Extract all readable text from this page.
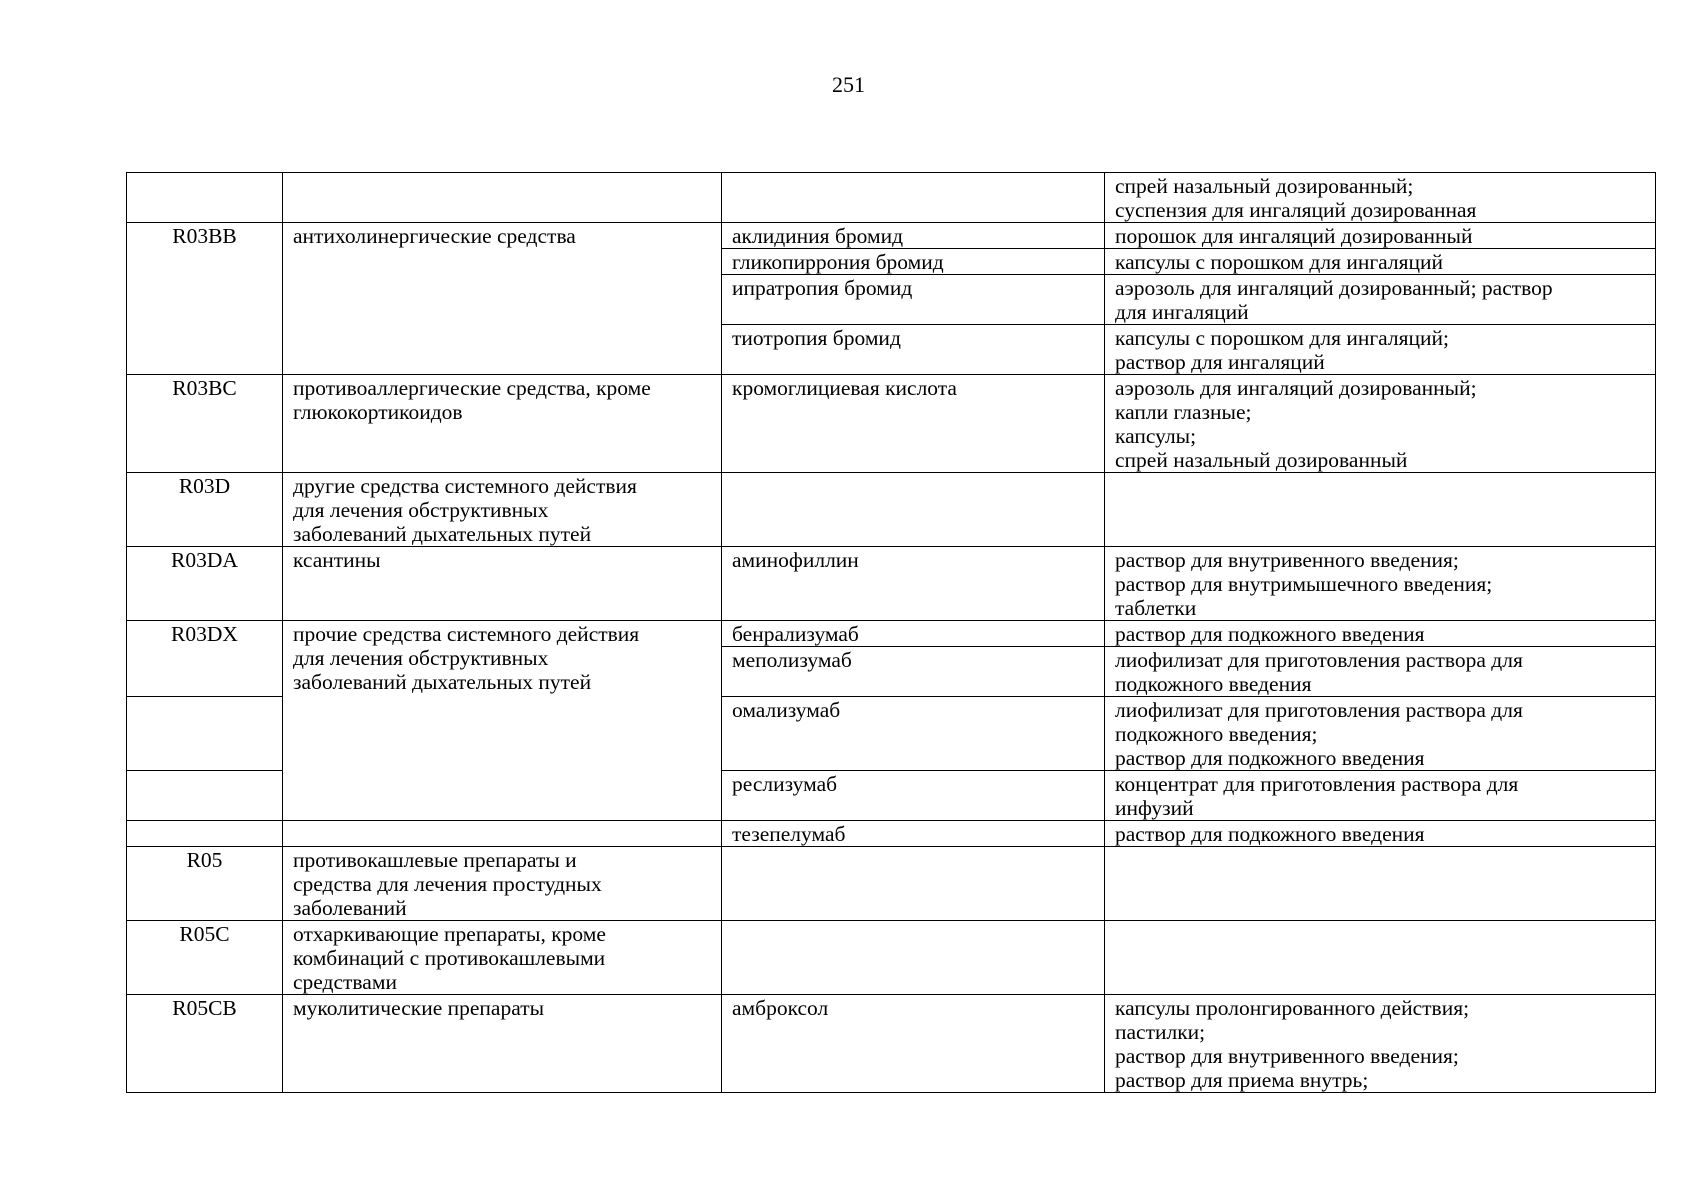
251
			спрей назальный дозированный;
суспензия для ингаляций дозированная
R03BB	антихолинергические средства	аклидиния бромид	порошок для ингаляций дозированный
		гликопиррония бромид	капсулы с порошком для ингаляций
		ипратропия бромид	аэрозоль для ингаляций дозированный; раствор
для ингаляций
		тиотропия бромид	капсулы с порошком для ингаляций;
раствор для ингаляций
R03BC	противоаллергические средства, кроме
глюкокортикоидов	кромоглициевая кислота	аэрозоль для ингаляций дозированный;
капли глазные;
капсулы;
спрей назальный дозированный
R03D	другие средства системного действия
для лечения обструктивных
заболеваний дыхательных путей		
R03DA	ксантины	аминофиллин	раствор для внутривенного введения;
раствор для внутримышечного введения;
таблетки
R03DX	прочие средства системного действия
для лечения обструктивных
заболеваний дыхательных путей	бенрализумаб	раствор для подкожного введения
		меполизумаб	лиофилизат для приготовления раствора для
подкожного введения
		омализумаб	лиофилизат для приготовления раствора для
подкожного введения;
раствор для подкожного введения
		реслизумаб	концентрат для приготовления раствора для
инфузий
		тезепелумаб	раствор для подкожного введения
R05	противокашлевые препараты и
средства для лечения простудных
заболеваний		
R05C	отхаркивающие препараты, кроме
комбинаций с противокашлевыми
средствами		
R05CB	муколитические препараты	амброксол	капсулы пролонгированного действия;
пастилки;
раствор для внутривенного введения;
раствор для приема внутрь;
